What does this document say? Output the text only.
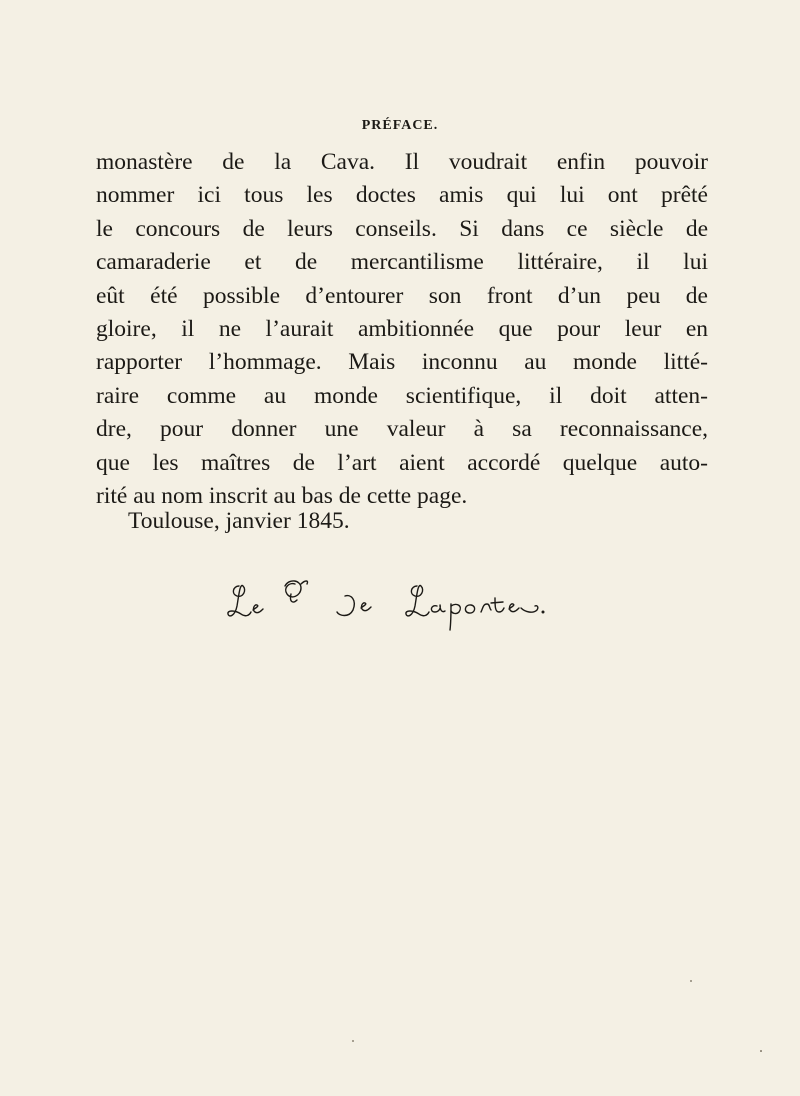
PRÉFACE.
monastère de la Cava. Il voudrait enfin pouvoir
nommer ici tous les doctes amis qui lui ont prêté
le concours de leurs conseils. Si dans ce siècle de
camaraderie et de mercantilisme littéraire, il lui
eût été possible d’entourer son front d’un peu de
gloire, il ne l’aurait ambitionnée que pour leur en
rapporter l’hommage. Mais inconnu au monde litté-
raire comme au monde scientifique, il doit atten-
dre, pour donner une valeur à sa reconnaissance,
que les maîtres de l’art aient accordé quelque auto-
rité au nom inscrit au bas de cette page.
Toulouse, janvier 1845.
